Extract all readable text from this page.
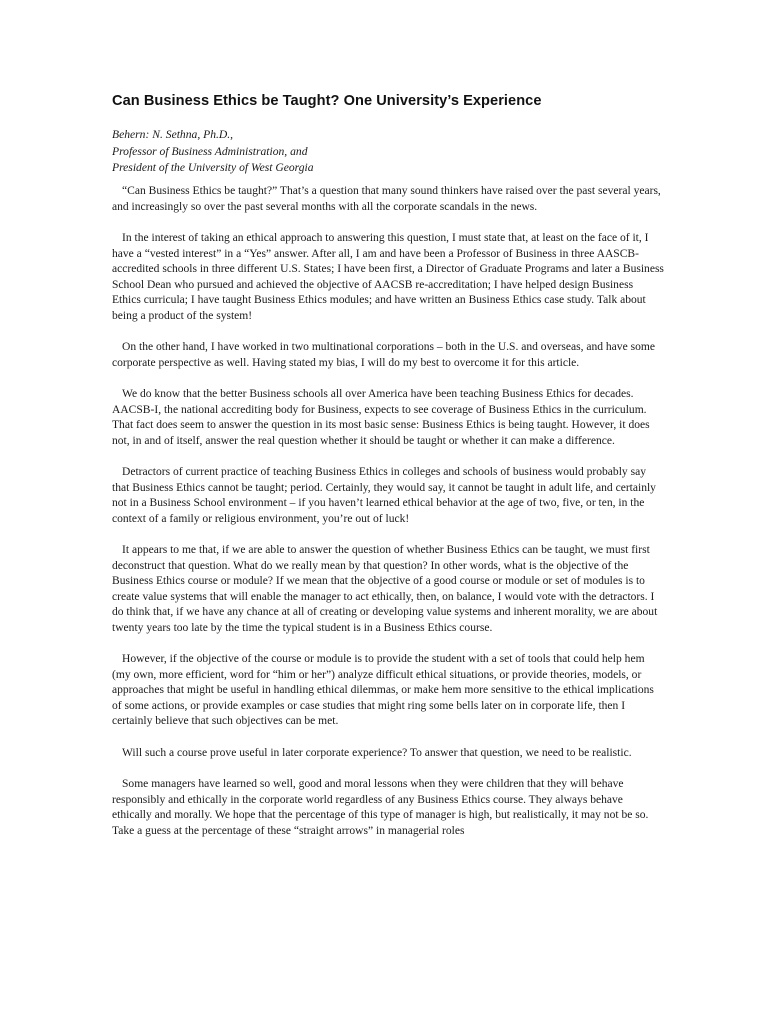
Can Business Ethics be Taught? One University’s Experience
Behern: N. Sethna, Ph.D.,
Professor of Business Administration, and
President of the University of West Georgia

“Can Business Ethics be taught?” That’s a question that many sound thinkers have raised over the past several years, and increasingly so over the past several months with all the corporate scandals in the news.

In the interest of taking an ethical approach to answering this question, I must state that, at least on the face of it, I have a “vested interest” in a “Yes” answer. After all, I am and have been a Professor of Business in three AASCB-accredited schools in three different U.S. States; I have been first, a Director of Graduate Programs and later a Business School Dean who pursued and achieved the objective of AACSB re-accreditation; I have helped design Business Ethics curricula; I have taught Business Ethics modules; and have written an Business Ethics case study. Talk about being a product of the system!

On the other hand, I have worked in two multinational corporations – both in the U.S. and overseas, and have some corporate perspective as well. Having stated my bias, I will do my best to overcome it for this article.

We do know that the better Business schools all over America have been teaching Business Ethics for decades. AACSB-I, the national accrediting body for Business, expects to see coverage of Business Ethics in the curriculum. That fact does seem to answer the question in its most basic sense: Business Ethics is being taught. However, it does not, in and of itself, answer the real question whether it should be taught or whether it can make a difference.

Detractors of current practice of teaching Business Ethics in colleges and schools of business would probably say that Business Ethics cannot be taught; period. Certainly, they would say, it cannot be taught in adult life, and certainly not in a Business School environment – if you haven’t learned ethical behavior at the age of two, five, or ten, in the context of a family or religious environment, you’re out of luck!

It appears to me that, if we are able to answer the question of whether Business Ethics can be taught, we must first deconstruct that question. What do we really mean by that question? In other words, what is the objective of the Business Ethics course or module? If we mean that the objective of a good course or module or set of modules is to create value systems that will enable the manager to act ethically, then, on balance, I would vote with the detractors. I do think that, if we have any chance at all of creating or developing value systems and inherent morality, we are about twenty years too late by the time the typical student is in a Business Ethics course.

However, if the objective of the course or module is to provide the student with a set of tools that could help hem (my own, more efficient, word for “him or her”) analyze difficult ethical situations, or provide theories, models, or approaches that might be useful in handling ethical dilemmas, or make hem more sensitive to the ethical implications of some actions, or provide examples or case studies that might ring some bells later on in corporate life, then I certainly believe that such objectives can be met.

Will such a course prove useful in later corporate experience? To answer that question, we need to be realistic.

Some managers have learned so well, good and moral lessons when they were children that they will behave responsibly and ethically in the corporate world regardless of any Business Ethics course. They always behave ethically and morally. We hope that the percentage of this type of manager is high, but realistically, it may not be so. Take a guess at the percentage of these “straight arrows” in managerial roles
